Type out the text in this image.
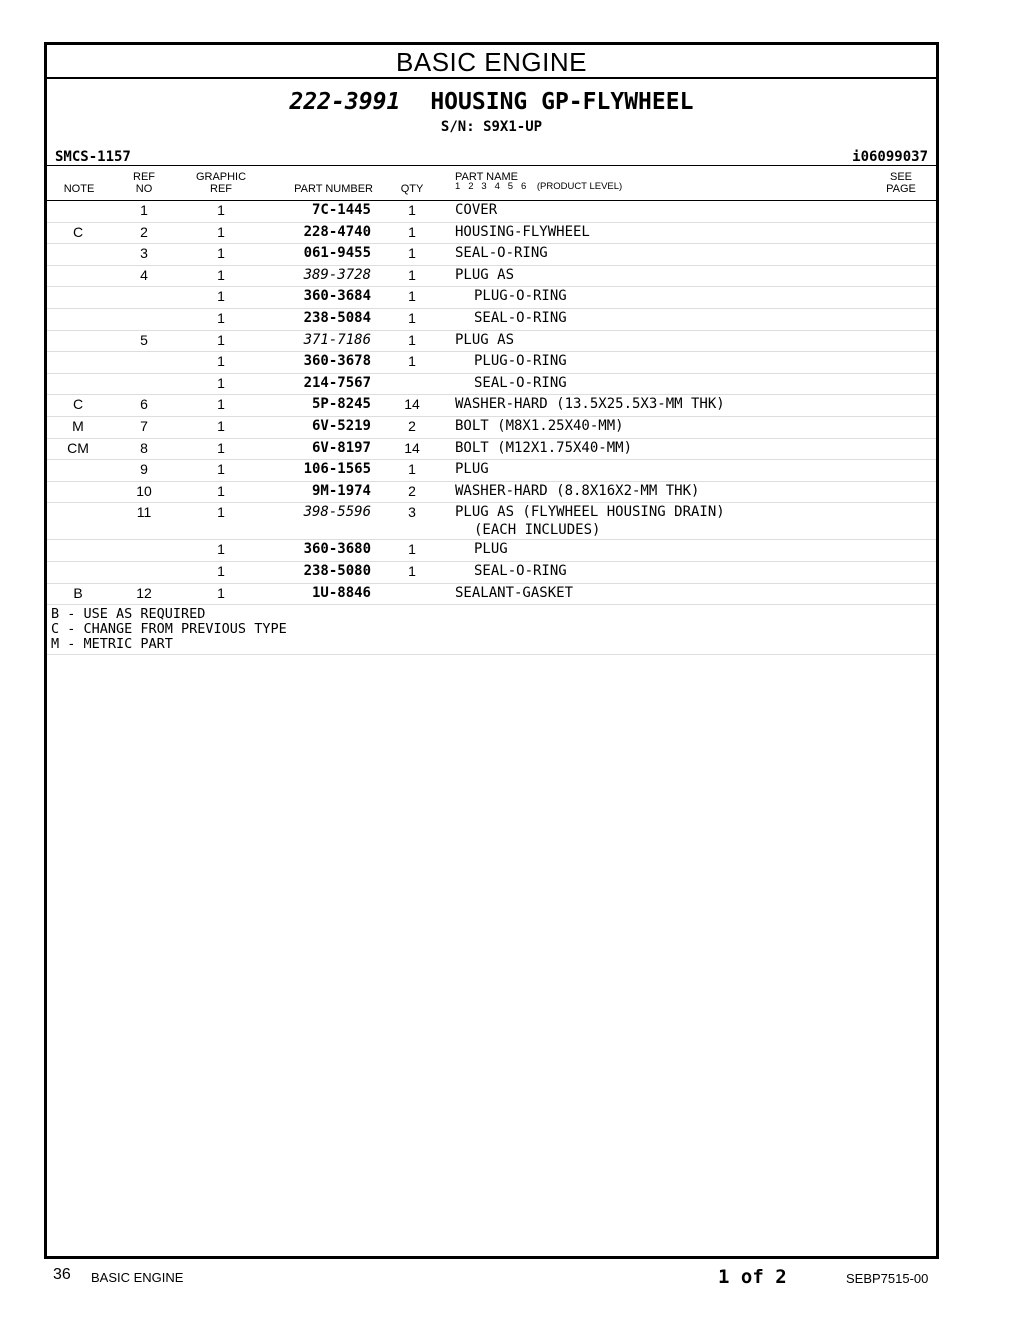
BASIC ENGINE
222-3991 HOUSING GP-FLYWHEEL
S/N: S9X1-UP
SMCS-1157	i06099037
NOTE
REF
NO
GRAPHIC
REF	PART NUMBER	QTY
PART NAME
1   2   3   4   5   6    (PRODUCT LEVEL)
SEE
PAGE
1	1	7C-1445	1	COVER
C	2	1	228-4740	1	HOUSING-FLYWHEEL
3	1	061-9455	1	SEAL-O-RING
4	1	389-3728	1	PLUG AS
1	360-3684	1	PLUG-O-RING
1	238-5084	1	SEAL-O-RING
5	1	371-7186	1	PLUG AS
1	360-3678	1	PLUG-O-RING
1	214-7567	SEAL-O-RING
C	6	1	5P-8245	14	WASHER-HARD (13.5X25.5X3-MM THK)
M	7	1	6V-5219	2	BOLT (M8X1.25X40-MM)
CM	8	1	6V-8197	14	BOLT (M12X1.75X40-MM)
9	1	106-1565	1	PLUG
10	1	9M-1974	2	WASHER-HARD (8.8X16X2-MM THK)
11	1	398-5596	3	PLUG AS (FLYWHEEL HOUSING DRAIN)
(EACH INCLUDES)
1	360-3680	1	PLUG
1	238-5080	1	SEAL-O-RING
B	12	1	1U-8846	SEALANT-GASKET
B - USE AS REQUIRED
C - CHANGE FROM PREVIOUS TYPE
M - METRIC PART
36 BASIC ENGINE	1 of 2	SEBP7515-00
